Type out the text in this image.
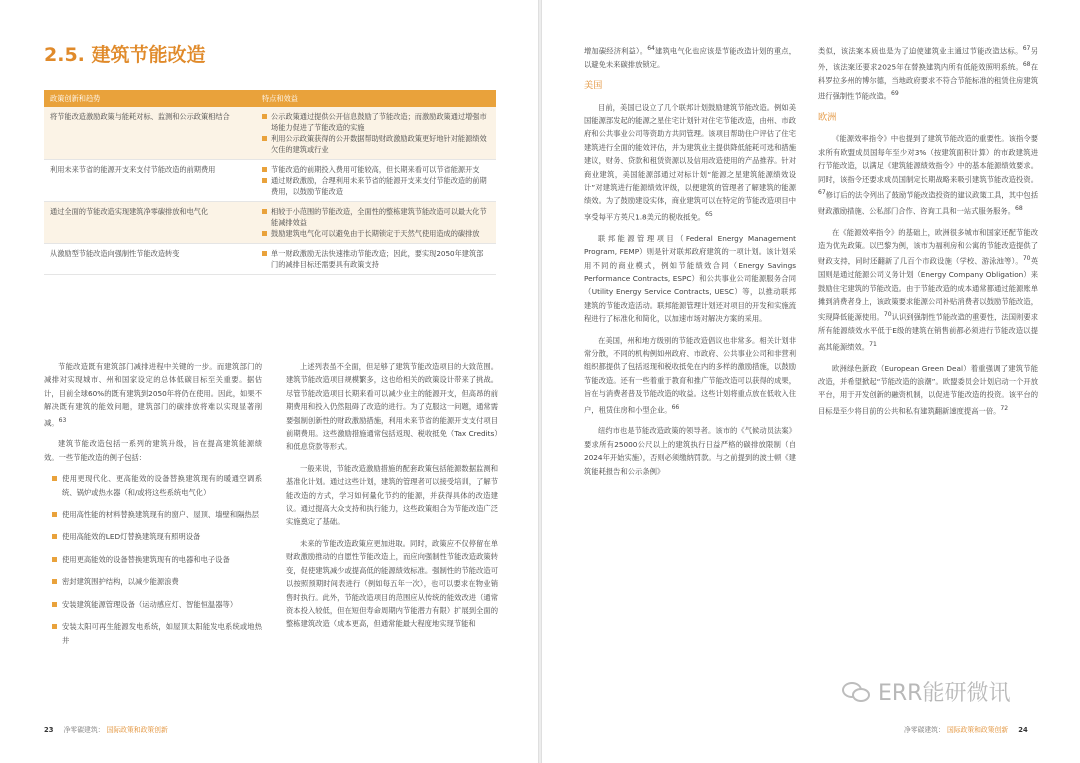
2.5. 建筑节能改造
政策创新和趋势	特点和效益
将节能改造激励政策与能耗对标、监测和公示政策相结合	公示政策通过提供公开信息鼓励了节能改造；而激励政策通过增强市场能力促进了节能改造的实施
利用公示政策获得的公开数据帮助财政激励政策更好地针对能源绩效欠佳的建筑或行业

利用未来节省的能源开支来支付节能改造的前期费用	节能改造的前期投入费用可能较高，但长期来看可以节省能源开支
通过财政激励，合理利用未来节省的能源开支来支付节能改造的前期费用，以鼓励节能改造

通过全面的节能改造实现建筑净零碳排放和电气化	相较于小范围的节能改造，全面性的整栋建筑节能改造可以最大化节能减排效益
鼓励建筑电气化可以避免由于长期锁定于天然气使用造成的碳排放

从激励型节能改造向强制性节能改造转变	单一财政激励无法快速推动节能改造；因此，要实现2050年建筑部门的减排目标还需要具有政策支持

节能改造既有建筑部门减排进程中关键的一步。而建筑部门的减排对实现城市、州和国家设定的总体低碳目标至关重要。据估计，目前全球60%的既有建筑到2050年将仍在使用。因此，如果不解决既有建筑的能效问题，建筑部门的碳排放将难以实现显著削减。$^{63}$

建筑节能改造包括一系列的建筑升级，旨在提高建筑能源绩效。一些节能改造的例子包括：

使用更现代化、更高能效的设备替换建筑现有的暖通空调系统、锅炉或热水器（和/或将这些系统电气化）
使用高性能的材料替换建筑现有的窗户、屋顶、墙壁和隔热层
使用高能效的LED灯替换建筑现有照明设备
使用更高能效的设备替换建筑现有的电器和电子设备
密封建筑围护结构，以减少能源浪费
安装建筑能源管理设备（运动感应灯、智能恒温器等）
安装太阳可再生能源发电系统，如屋顶太阳能发电系统或地热井

上述列表虽不全面，但足够了建筑节能改造项目的大致范围。建筑节能改造项目规模繁多，这也给相关的政策设计带来了挑战。尽管节能改造项目长期来看可以减少业主的能源开支，但高昂的前期费用和投入仍然阻碍了改造的进行。为了克服这一问题，通常需要强制创新性的财政激励措施，利用未来节省的能源开支支付项目前期费用。这些激励措施通常包括返现、税收抵免（Tax Credits）和低息贷款等形式。

一般来说，节能改造激励措施的配套政策包括能源数据监测和基准化计划。通过这些计划，建筑的管理者可以接受培训，了解节能改造的方式，学习如何量化节约的能源，并获得具体的改造建议。通过提高大众支持和执行能力，这些政策组合为节能改造广泛实施奠定了基础。

未来的节能改造政策应更加进取。同时，政策应不仅停留在单财政激励推动的自愿性节能改造上，而应向强制性节能改造政策转变，促使建筑减少或提高低的能源绩效标准。强制性的节能改造可以按照预期时间表进行（例如每五年一次），也可以要求在物业销售时执行。此外，节能改造项目的范围应从传统的能效改进（通常资本投入较低，但在短但寿命周期内节能潜力有限）扩展到全面的整栋建筑改造（成本更高，但通常能最大程度地实现节能和

23 净零碳建筑： 国际政策和政策创新

增加碳经济利益）。$^{64}$建筑电气化也应该是节能改造计划的重点，以避免未来碳排放锁定。

美国

目前，美国已设立了几个联邦计划鼓励建筑节能改造。例如美国能源部发起的能源之星住宅计划针对住宅节能改造，由州、市政府和公共事业公司等资助方共同管理。该项目帮助住户评估了住宅建筑进行全面的能效评估，并为建筑业主提供降低能耗可选和措施建议，财务、贷款和租赁资源以及信用改造使用的产品推荐。针对商业建筑，美国能源部通过对标计划“能源之星建筑能源绩效设计”对建筑进行能源绩效评级，以便建筑的管理者了解建筑的能源绩效。为了鼓励建设实体，商业建筑可以在特定的节能改造项目中享受每平方英尺1.8美元的税收抵免。$^{65}$

联邦能源管理项目（Federal Energy Management Program, FEMP）则是针对联邦政府建筑的一项计划。该计划采用不同的商业模式，例如节能绩效合同（Energy Savings Performance Contracts, ESPC）和公共事业公司能源服务合同（Utility Energy Service Contracts, UESC）等，以推动联邦建筑的节能改造活动。联邦能源管理计划还对项目的开发和实施流程进行了标准化和简化，以加速市场对解决方案的采用。

在美国，州和地方级别的节能改造倡议也非常多。相关计划非常分散，不同的机构例如州政府、市政府、公共事业公司和非营利组织都提供了包括返现和税收抵免在内的多样的激励措施，以鼓励节能改造。还有一些着重于教育和推广节能改造可以获得的成果，旨在与消费者普及节能改造的收益。这些计划将重点放在低收入住户，租赁住房和小型企业。$^{66}$

纽约市也是节能改造政策的领导者。该市的《气候动员法案》要求所有25000公尺以上的建筑执行日益严格的碳排放限制（自2024年开始实施），否则必须缴纳罚款。与之前提到的波士顿《建筑能耗报告和公示条例》

类似，该法案本质也是为了迫使建筑业主通过节能改造达标。$^{67}$另外，该法案还要求2025年在替换建筑内所有低能效照明系统。$^{68}$在科罗拉多州的博尔德，当地政府要求不符合节能标准的租赁住房建筑进行强制性节能改造。$^{69}$

欧洲

《能源效率指令》中也提到了建筑节能改造的重要性。该指令要求所有欧盟成员国每年至少对3%（按建筑面积计算）的市政建筑进行节能改造，以满足《建筑能源绩效指令》中的基本能源绩效要求。同时，该指令还要求成员国制定长期战略来吸引建筑节能改造投资。$^{67}$修订后的法令列出了鼓励节能改造投资的建议政策工具，其中包括财政激励措施、公私部门合作、咨询工具和一站式服务服务。$^{68}$

在《能源效率指令》的基础上，欧洲很多城市和国家还配节能改造为优先政策。以巴黎为例，该市为福利房和公寓的节能改造提供了财政支持，同时还翻新了几百个市政设施（学校、游泳池等）。$^{70}$英国则是通过能源公司义务计划（Energy Company Obligation）来鼓励住宅建筑的节能改造。由于节能改造的成本通常都通过能源账单摊到消费者身上，该政策要求能源公司补贴消费者以鼓励节能改造，实现降低能源使用。$^{70}$认识到强制性节能改造的重要性，法国则要求所有能源绩效水平低于E级的建筑在销售前都必须进行节能改造以提高其能源绩效。$^{71}$

欧洲绿色新政（European Green Deal）着重强调了建筑节能改造，并希望掀起“节能改造的浪潮”。欧盟委员会计划启动一个开放平台，用于开发创新的融资机制，以促进节能改造的投资。该平台的目标是至少将目前的公共和私有建筑翻新速度提高一倍。$^{72}$

净零碳建筑： 国际政策和政策创新 24
ERR能研微讯
